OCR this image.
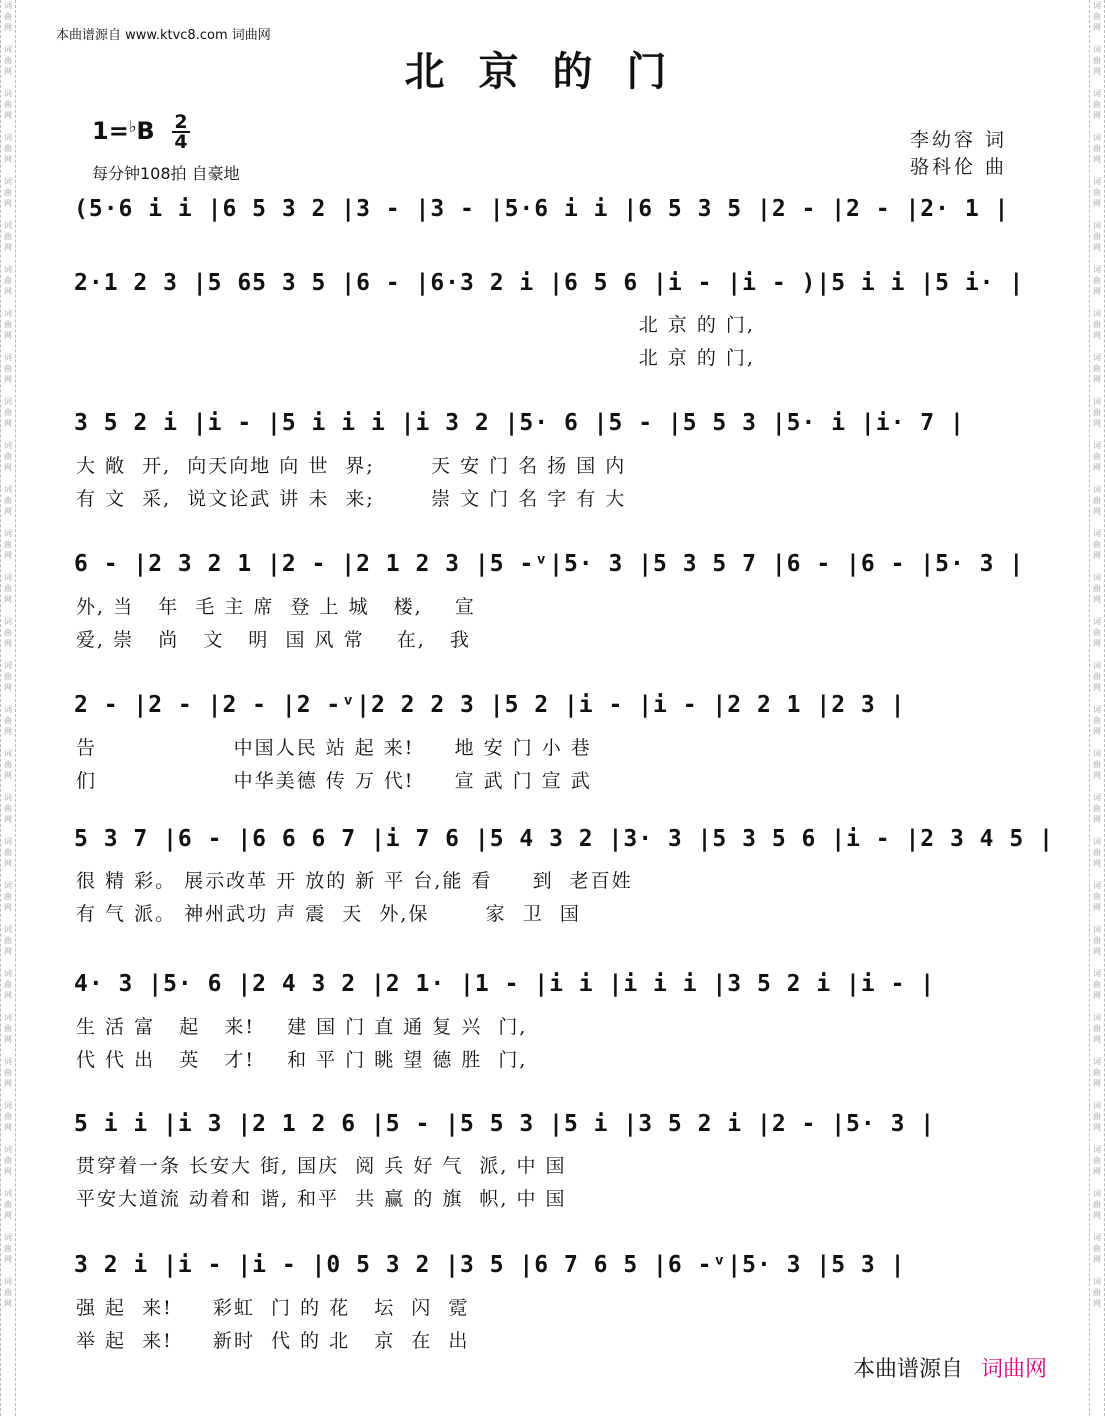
词
曲
网

词
曲
网

词
曲
网

词
曲
网

词
曲
网

词
曲
网

词
曲
网

词
曲
网

词
曲
网

词
曲
网

词
曲
网

词
曲
网

词
曲
网

词
曲
网

词
曲
网

词
曲
网

词
曲
网

词
曲
网

词
曲
网

词
曲
网

词
曲
网

词
曲
网

词
曲
网

词
曲
网

词
曲
网

词
曲
网

词
曲
网

词
曲
网

词
曲
网

词
曲
网
词
曲
网

词
曲
网

词
曲
网

词
曲
网

词
曲
网

词
曲
网

词
曲
网

词
曲
网

词
曲
网

词
曲
网

词
曲
网

词
曲
网

词
曲
网

词
曲
网

词
曲
网

词
曲
网

词
曲
网

词
曲
网

词
曲
网

词
曲
网

词
曲
网

词
曲
网

词
曲
网

词
曲
网

词
曲
网

词
曲
网

词
曲
网

词
曲
网

词
曲
网

词
曲
网
本曲谱源自 www.ktvc8.com 词曲网
北京的门
$1=^♭B \frac{2}{4}$
每分钟108拍 自豪地
李幼容 词
骆科伦 曲
(5·6 i i |6 5 3 2 |3 - |3 - |5·6 i i |6 5 3 5 |2 - |2 - |2· 1 |
2·1 2 3 |5 65 3 5 |6 - |6·3 2 i |6 5 6 |i - |i - )|5 i i |5 i· |
北 京 的 门,
北 京 的 门,
3 5 2 i |i - |5 i i i |i 3 2 |5· 6 |5 - |5 5 3 |5· i |i· 7 |
大 敞  开,  向天向地 向 世  界;       天 安 门 名 扬 国 内
有 文  采,  说文论武 讲 未  来;       崇 文 门 名 字 有 大
6 - |2 3 2 1 |2 - |2 1 2 3 |5 -ᵛ|5· 3 |5 3 5 7 |6 - |6 - |5· 3 |
外, 当   年  毛 主 席  登 上 城   楼,    宣
爱, 崇   尚   文   明  国 风 常    在,   我
2 - |2 - |2 - |2 -ᵛ|2 2 2 3 |5 2 |i - |i - |2 2 1 |2 3 |
告                 中国人民 站 起 来!     地 安 门 小 巷
们                 中华美德 传 万 代!     宣 武 门 宣 武
5 3 7 |6 - |6 6 6 7 |i 7 6 |5 4 3 2 |3· 3 |5 3 5 6 |i - |2 3 4 5 |
很 精 彩。 展示改革 开 放的 新 平 台,能 看     到  老百姓
有 气 派。 神州武功 声 震  天  外,保       家  卫  国
4· 3 |5· 6 |2 4 3 2 |2 1· |1 - |i i |i i i |3 5 2 i |i - |
生 活 富   起   来!    建 国 门 直 通 复 兴  门,
代 代 出   英   才!    和 平 门 眺 望 德 胜  门,
5 i i |i 3 |2 1 2 6 |5 - |5 5 3 |5 i |3 5 2 i |2 - |5· 3 |
贯穿着一条 长安大 街, 国庆  阅 兵 好 气  派, 中 国
平安大道流 动着和 谐, 和平  共 赢 的 旗  帜, 中 国
3 2 i |i - |i - |0 5 3 2 |3 5 |6 7 6 5 |6 -ᵛ|5· 3 |5 3 |
强 起  来!     彩虹  门 的 花   坛  闪  霓
举 起  来!     新时  代 的 北   京  在  出
本曲谱源自 词曲网
